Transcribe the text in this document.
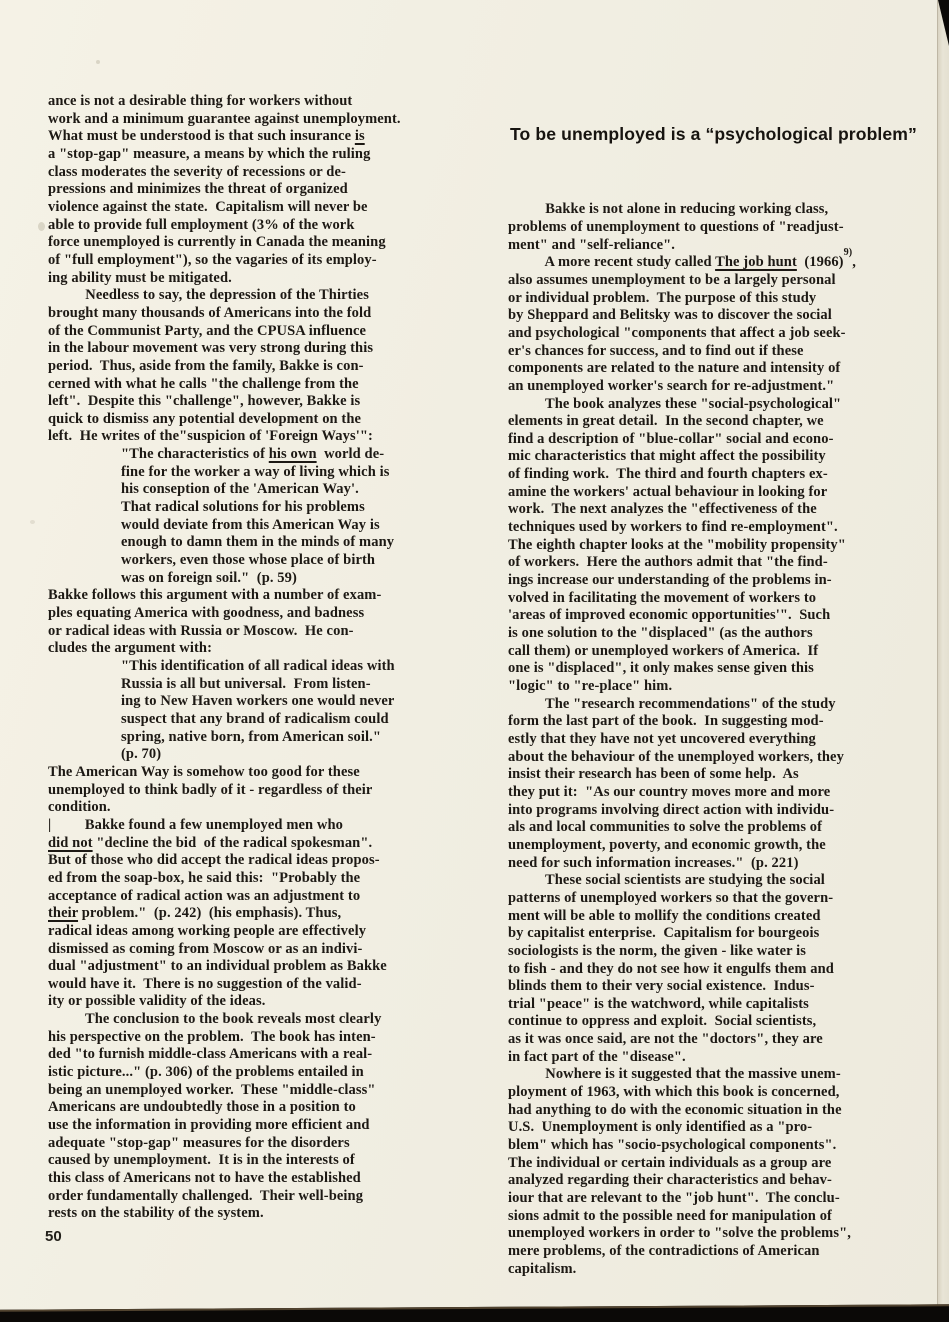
ance is not a desirable thing for workers without
work and a minimum guarantee against unemployment.
What must be understood is that such insurance is
a "stop-gap" measure, a means by which the ruling
class moderates the severity of recessions or de-
pressions and minimizes the threat of organized
violence against the state.  Capitalism will never be
able to provide full employment (3% of the work
force unemployed is currently in Canada the meaning
of "full employment"), so the vagaries of its employ-
ing ability must be mitigated.
Needless to say, the depression of the Thirties
brought many thousands of Americans into the fold
of the Communist Party, and the CPUSA influence
in the labour movement was very strong during this
period.  Thus, aside from the family, Bakke is con-
cerned with what he calls "the challenge from the
left".  Despite this "challenge", however, Bakke is
quick to dismiss any potential development on the
left.  He writes of the"suspicion of 'Foreign Ways'":
"The characteristics of his own  world de-
fine for the worker a way of living which is
his conseption of the 'American Way'.
That radical solutions for his problems
would deviate from this American Way is
enough to damn them in the minds of many
workers, even those whose place of birth
was on foreign soil."  (p. 59)
Bakke follows this argument with a number of exam-
ples equating America with goodness, and badness
or radical ideas with Russia or Moscow.  He con-
cludes the argument with:
"This identification of all radical ideas with
Russia is all but universal.  From listen-
ing to New Haven workers one would never
suspect that any brand of radicalism could
spring, native born, from American soil."
(p. 70)
The American Way is somehow too good for these
unemployed to think badly of it - regardless of their
condition.
|         Bakke found a few unemployed men who
did not "decline the bid  of the radical spokesman".
But of those who did accept the radical ideas propos-
ed from the soap-box, he said this:  "Probably the
acceptance of radical action was an adjustment to
their problem."  (p. 242)  (his emphasis). Thus,
radical ideas among working people are effectively
dismissed as coming from Moscow or as an indivi-
dual "adjustment" to an individual problem as Bakke
would have it.  There is no suggestion of the valid-
ity or possible validity of the ideas.
The conclusion to the book reveals most clearly
his perspective on the problem.  The book has inten-
ded "to furnish middle-class Americans with a real-
istic picture..." (p. 306) of the problems entailed in
being an unemployed worker.  These "middle-class"
Americans are undoubtedly those in a position to
use the information in providing more efficient and
adequate "stop-gap" measures for the disorders
caused by unemployment.  It is in the interests of
this class of Americans not to have the established
order fundamentally challenged.  Their well-being
rests on the stability of the system.

To be unemployed is a “psychological problem”

Bakke is not alone in reducing working class,
problems of unemployment to questions of "readjust-
ment" and "self-reliance".
A more recent study called The job hunt  $(1966)^{9)}$,
also assumes unemployment to be a largely personal
or individual problem.  The purpose of this study
by Sheppard and Belitsky was to discover the social
and psychological "components that affect a job seek-
er's chances for success, and to find out if these
components are related to the nature and intensity of
an unemployed worker's search for re-adjustment."
The book analyzes these "social-psychological"
elements in great detail.  In the second chapter, we
find a description of "blue-collar" social and econo-
mic characteristics that might affect the possibility
of finding work.  The third and fourth chapters ex-
amine the workers' actual behaviour in looking for
work.  The next analyzes the "effectiveness of the
techniques used by workers to find re-employment".
The eighth chapter looks at the "mobility propensity"
of workers.  Here the authors admit that "the find-
ings increase our understanding of the problems in-
volved in facilitating the movement of workers to
'areas of improved economic opportunities'".  Such
is one solution to the "displaced" (as the authors
call them) or unemployed workers of America.  If
one is "displaced", it only makes sense given this
"logic" to "re-place" him.
The "research recommendations" of the study
form the last part of the book.  In suggesting mod-
estly that they have not yet uncovered everything
about the behaviour of the unemployed workers, they
insist their research has been of some help.  As
they put it:  "As our country moves more and more
into programs involving direct action with individu-
als and local communities to solve the problems of
unemployment, poverty, and economic growth, the
need for such information increases."  (p. 221)
These social scientists are studying the social
patterns of unemployed workers so that the govern-
ment will be able to mollify the conditions created
by capitalist enterprise.  Capitalism for bourgeois
sociologists is the norm, the given - like water is
to fish - and they do not see how it engulfs them and
blinds them to their very social existence.  Indus-
trial "peace" is the watchword, while capitalists
continue to oppress and exploit.  Social scientists,
as it was once said, are not the "doctors", they are
in fact part of the "disease".
Nowhere is it suggested that the massive unem-
ployment of 1963, with which this book is concerned,
had anything to do with the economic situation in the
U.S.  Unemployment is only identified as a "pro-
blem" which has "socio-psychological components".
The individual or certain individuals as a group are
analyzed regarding their characteristics and behav-
iour that are relevant to the "job hunt".  The conclu-
sions admit to the possible need for manipulation of
unemployed workers in order to "solve the problems",
mere problems, of the contradictions of American
capitalism.

50
